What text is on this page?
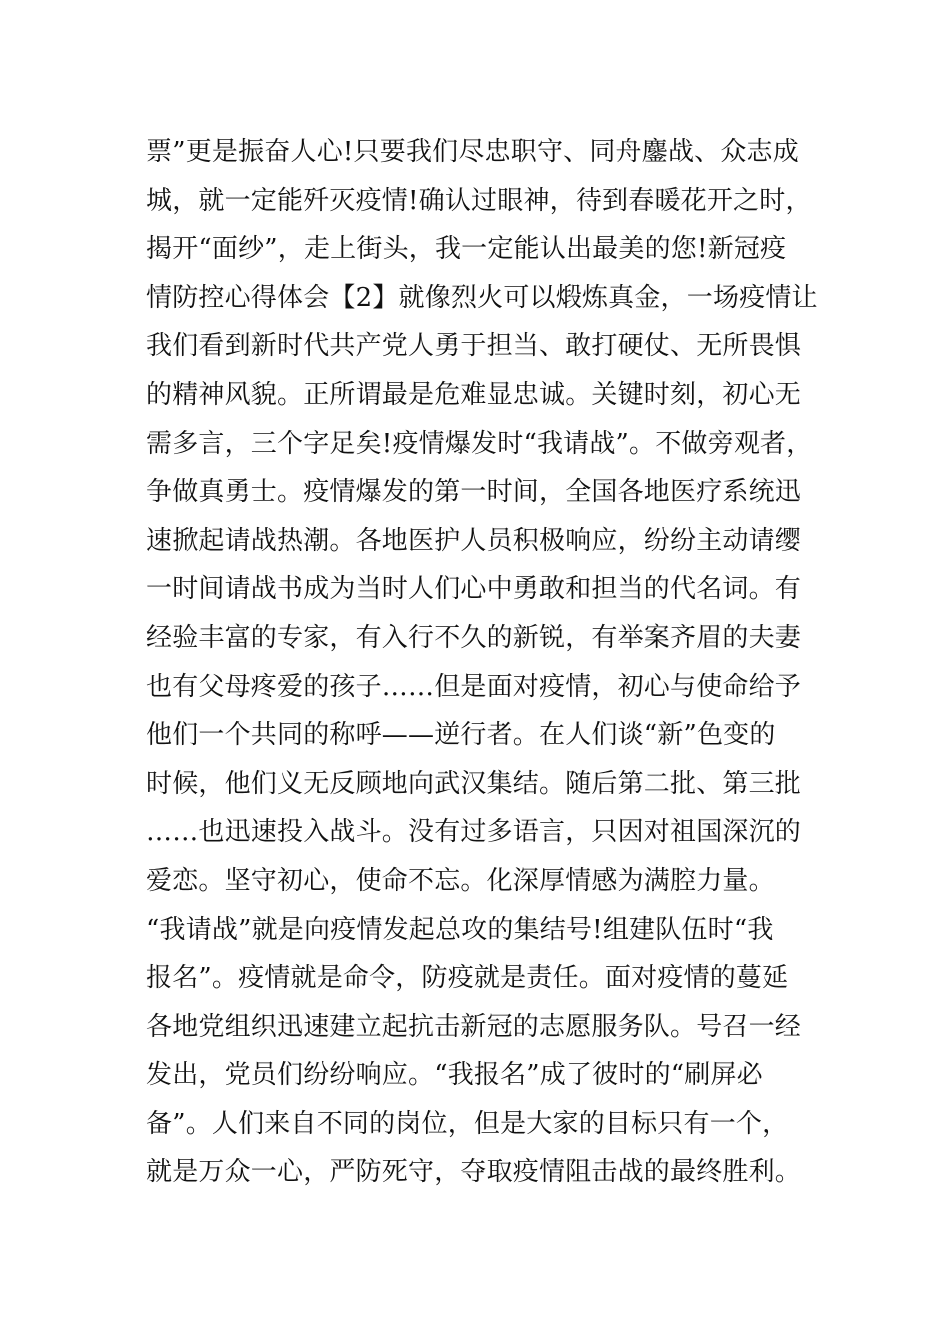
票”更是振奋人心!只要我们尽忠职守、同舟鏖战、众志成
城，就一定能歼灭疫情!确认过眼神，待到春暖花开之时，
揭开“面纱”，走上街头，我一定能认出最美的您!新冠疫
情防控心得体会【2】就像烈火可以煅炼真金，一场疫情让
我们看到新时代共产党人勇于担当、敢打硬仗、无所畏惧
的精神风貌。正所谓最是危难显忠诚。关键时刻，初心无
需多言，三个字足矣!疫情爆发时“我请战”。不做旁观者，
争做真勇士。疫情爆发的第一时间，全国各地医疗系统迅
速掀起请战热潮。各地医护人员积极响应，纷纷主动请缨
一时间请战书成为当时人们心中勇敢和担当的代名词。有
经验丰富的专家，有入行不久的新锐，有举案齐眉的夫妻
也有父母疼爱的孩子……但是面对疫情，初心与使命给予
他们一个共同的称呼——逆行者。在人们谈“新”色变的
时候，他们义无反顾地向武汉集结。随后第二批、第三批
……也迅速投入战斗。没有过多语言，只因对祖国深沉的
爱恋。坚守初心，使命不忘。化深厚情感为满腔力量。
“我请战”就是向疫情发起总攻的集结号!组建队伍时“我
报名”。疫情就是命令，防疫就是责任。面对疫情的蔓延
各地党组织迅速建立起抗击新冠的志愿服务队。号召一经
发出，党员们纷纷响应。“我报名”成了彼时的“刷屏必
备”。人们来自不同的岗位，但是大家的目标只有一个，
就是万众一心，严防死守，夺取疫情阻击战的最终胜利。
